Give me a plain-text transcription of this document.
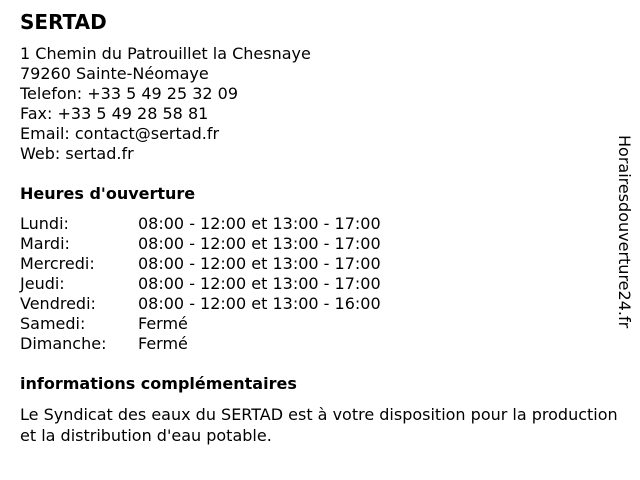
SERTAD
1 Chemin du Patrouillet la Chesnaye
79260 Sainte-Néomaye
Telefon: +33 5 49 25 32 09
Fax: +33 5 49 28 58 81
Email: contact@sertad.fr
Web: sertad.fr
Heures d'ouverture
Lundi:	08:00 - 12:00 et 13:00 - 17:00
Mardi:	08:00 - 12:00 et 13:00 - 17:00
Mercredi:	08:00 - 12:00 et 13:00 - 17:00
Jeudi:	08:00 - 12:00 et 13:00 - 17:00
Vendredi:	08:00 - 12:00 et 13:00 - 16:00
Samedi:	Fermé
Dimanche: Fermé
informations complémentaires

Le Syndicat des eaux du SERTAD est à votre disposition pour la production et la distribution d'eau potable.

Horairesdouverture24.fr
